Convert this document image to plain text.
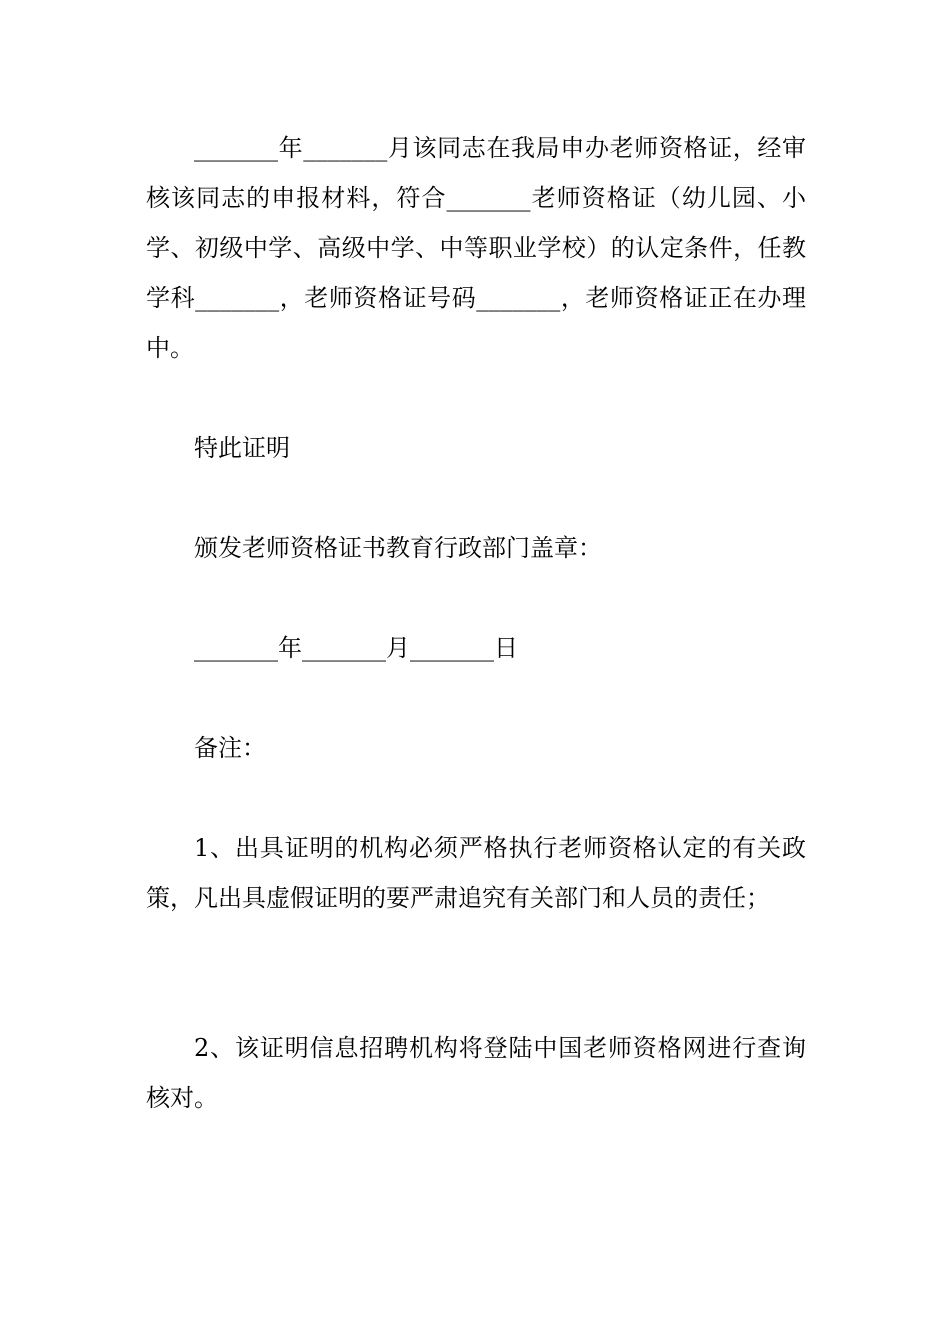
_______年_______月该同志在我局申办老师资格证，经审核该同志的申报材料，符合_______老师资格证（幼儿园、小学、初级中学、高级中学、中等职业学校）的认定条件，任教学科_______，老师资格证号码_______，老师资格证正在办理中。
特此证明
颁发老师资格证书教育行政部门盖章：
_______年_______月_______日
备注：
1、出具证明的机构必须严格执行老师资格认定的有关政策，凡出具虚假证明的要严肃追究有关部门和人员的责任；
2、该证明信息招聘机构将登陆中国老师资格网进行查询核对。
